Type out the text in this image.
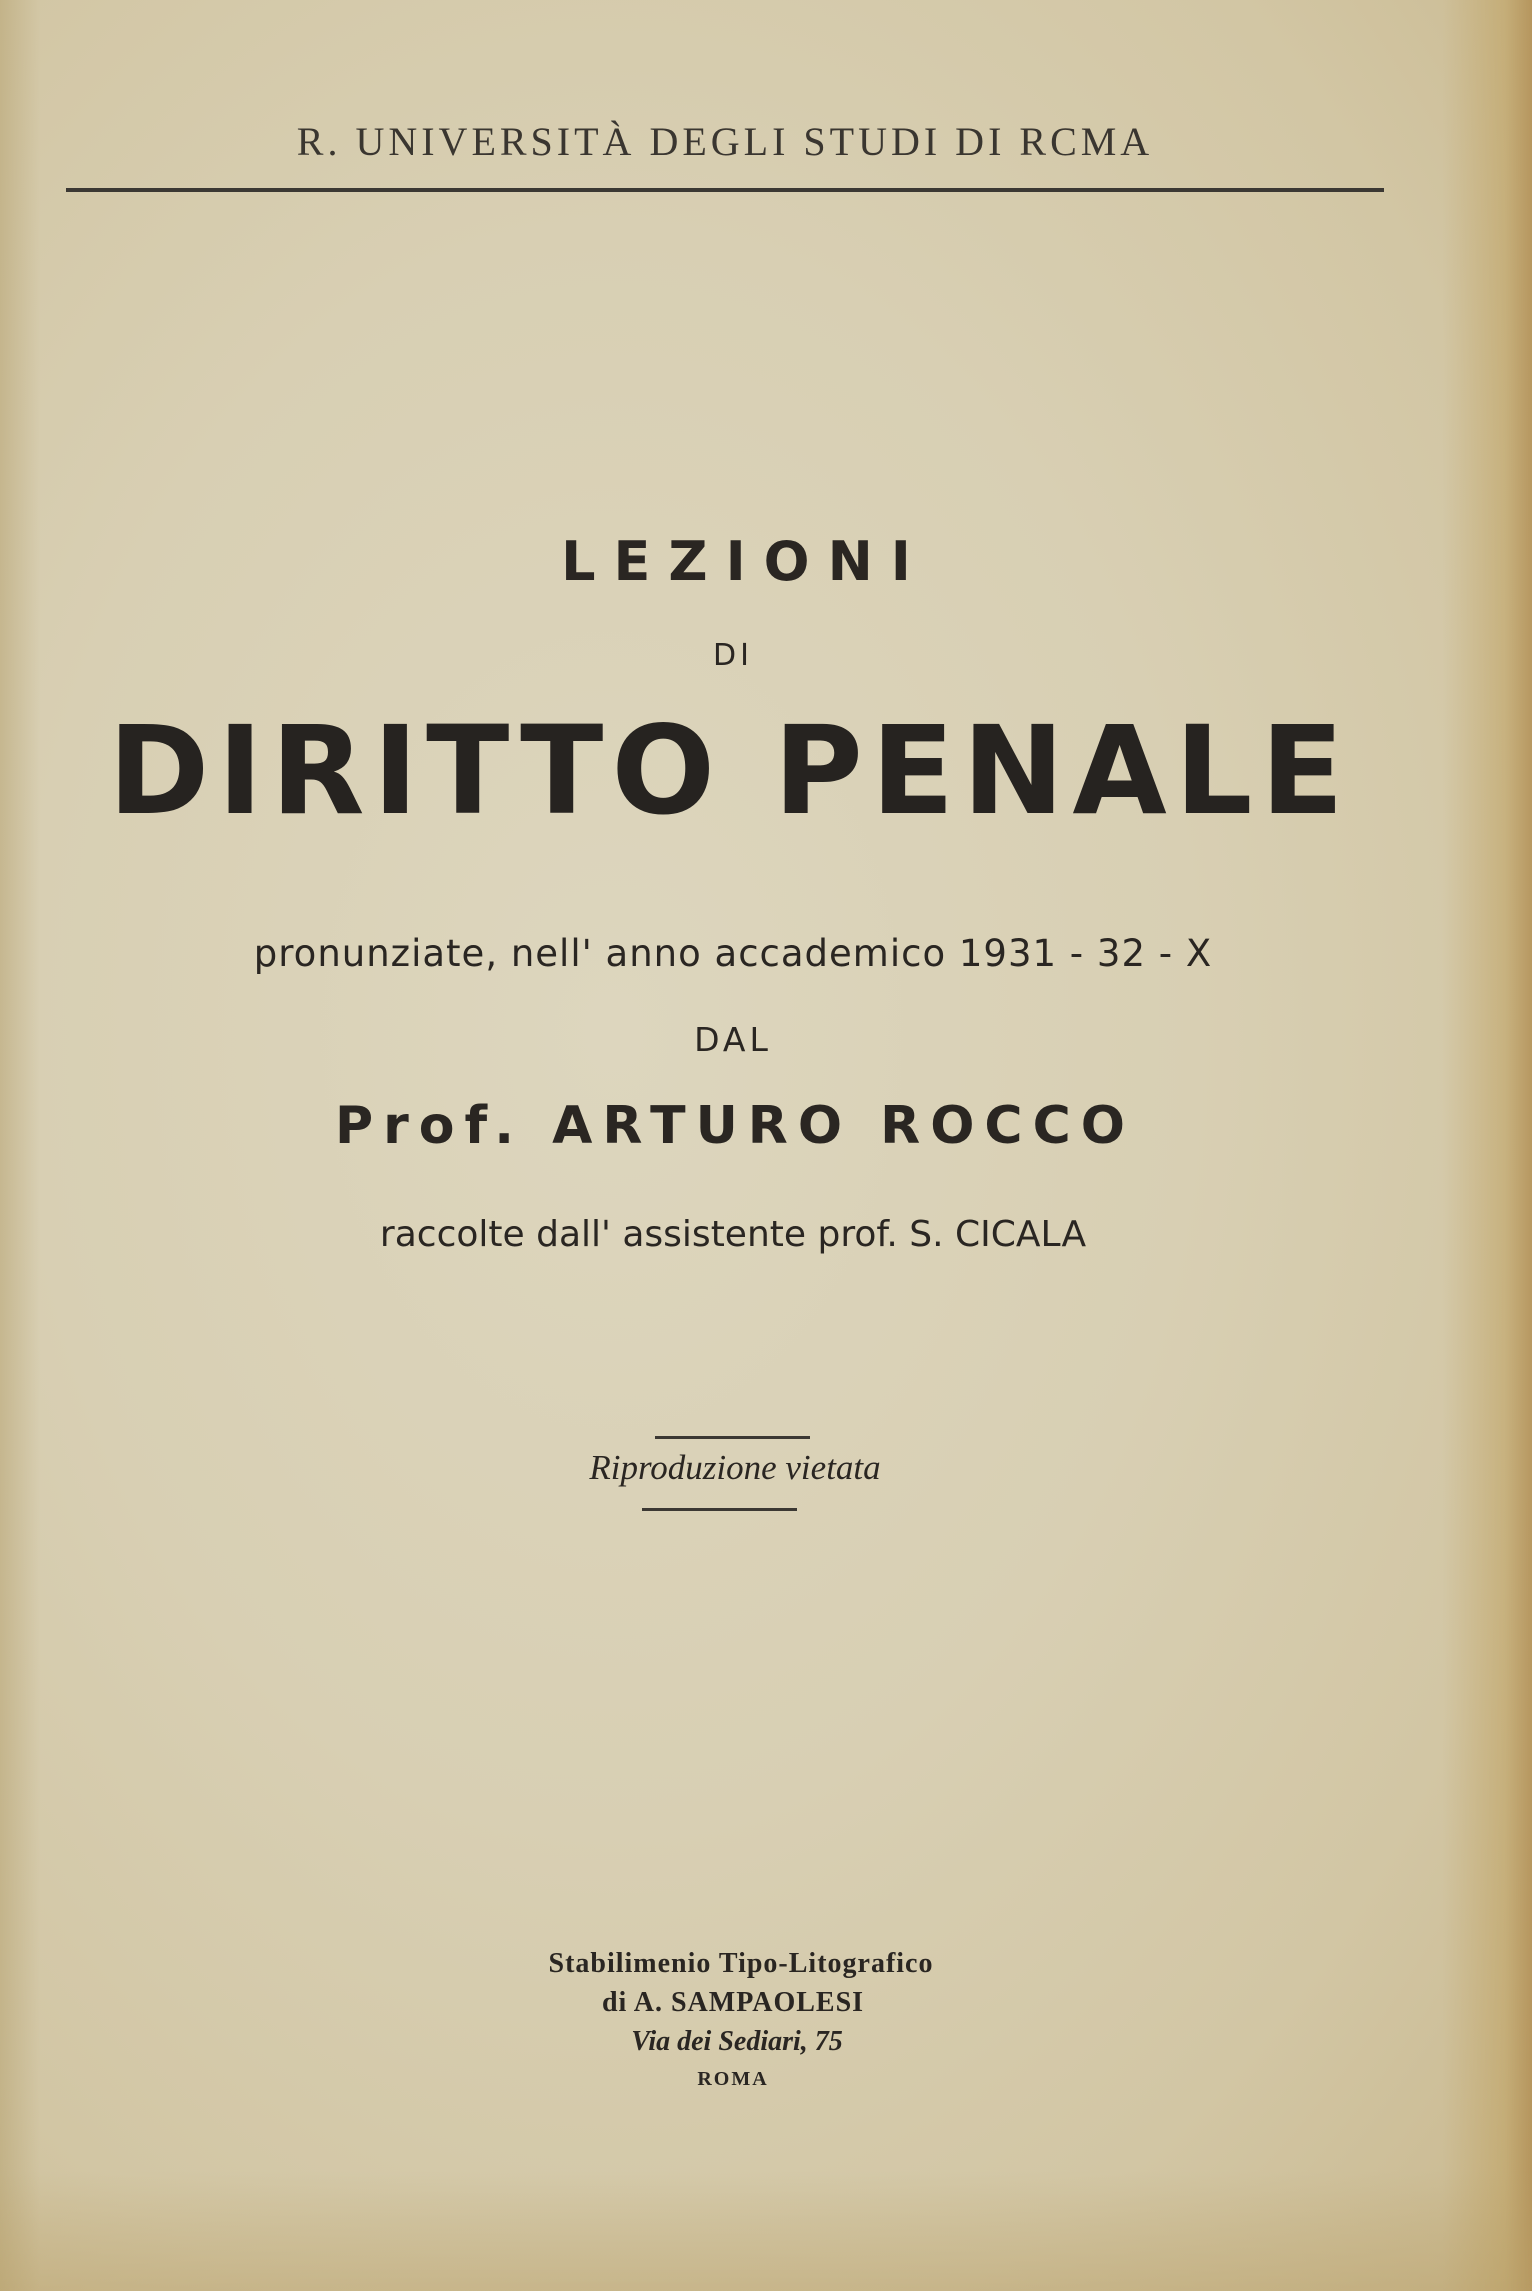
R. UNIVERSITÀ DEGLI STUDI DI RCMA
LEZIONI
DI
DIRITTO PENALE
pronunziate, nell' anno accademico 1931 - 32 - X
DAL
Prof. ARTURO ROCCO
raccolte dall' assistente prof. S. CICALA
Riproduzione vietata
Stabilimenio Tipo-Litografico
di A. SAMPAOLESI
Via dei Sediari, 75
ROMA
